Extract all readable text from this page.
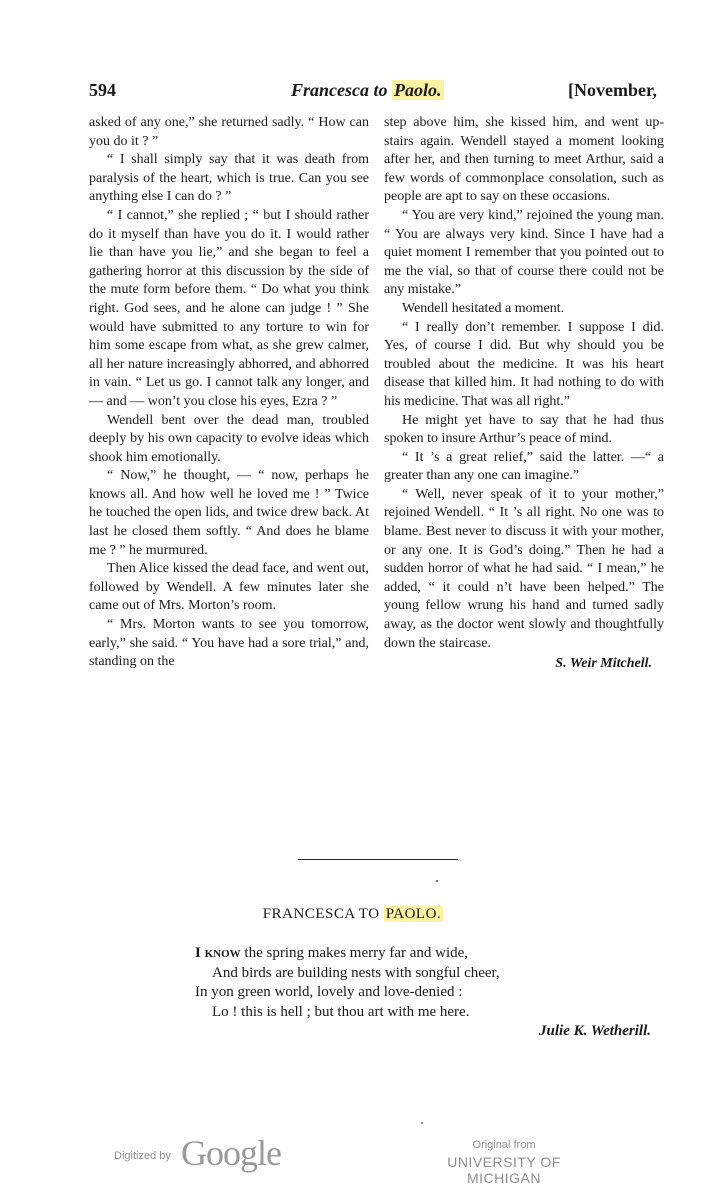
594	Francesca to Paolo.	[November,

asked of any one,” she returned sadly. “ How can you do it ? ”

“ I shall simply say that it was death from paralysis of the heart, which is true. Can you see anything else I can do ? ”

“ I cannot,” she replied ; “ but I should rather do it myself than have you do it. I would rather lie than have you lie,” and she began to feel a gathering horror at this discussion by the side of the mute form before them. “ Do what you think right. God sees, and he alone can judge ! ” She would have submitted to any torture to win for him some escape from what, as she grew calmer, all her nature increasingly abhorred, and abhorred in vain. “ Let us go. I cannot talk any longer, and — and — won’t you close his eyes, Ezra ? ”

Wendell bent over the dead man, troubled deeply by his own capacity to evolve ideas which shook him emotionally.

“ Now,” he thought, — “ now, perhaps he knows all. And how well he loved me ! ” Twice he touched the open lids, and twice drew back. At last he closed them softly. “ And does he blame me ? ” he murmured.

Then Alice kissed the dead face, and went out, followed by Wendell. A few minutes later she came out of Mrs. Morton’s room.

“ Mrs. Morton wants to see you tomorrow, early,” she said. “ You have had a sore trial,” and, standing on the

step above him, she kissed him, and went up-stairs again. Wendell stayed a moment looking after her, and then turning to meet Arthur, said a few words of commonplace consolation, such as people are apt to say on these occasions.

“ You are very kind,” rejoined the young man. “ You are always very kind. Since I have had a quiet moment I remember that you pointed out to me the vial, so that of course there could not be any mistake.”

Wendell hesitated a moment.

“ I really don’t remember. I suppose I did. Yes, of course I did. But why should you be troubled about the medicine. It was his heart disease that killed him. It had nothing to do with his medicine. That was all right.”

He might yet have to say that he had thus spoken to insure Arthur’s peace of mind.

“ It ’s a great relief,” said the latter. —“ a greater than any one can imagine.”

“ Well, never speak of it to your mother,” rejoined Wendell. “ It ’s all right. No one was to blame. Best never to discuss it with your mother, or any one. It is God’s doing.” Then he had a sudden horror of what he had said. “ I mean,” he added, “ it could n’t have been helped.” The young fellow wrung his hand and turned sadly away, as the doctor went slowly and thoughtfully down the staircase.

S. Weir Mitchell.
FRANCESCA TO PAOLO.
I know the spring makes merry far and wide,
And birds are building nests with songful cheer,
In yon green world, lovely and love-denied :
Lo ! this is hell ; but thou art with me here.
Julie K. Wetherill.
Digitized by Google	Original from
UNIVERSITY OF MICHIGAN
